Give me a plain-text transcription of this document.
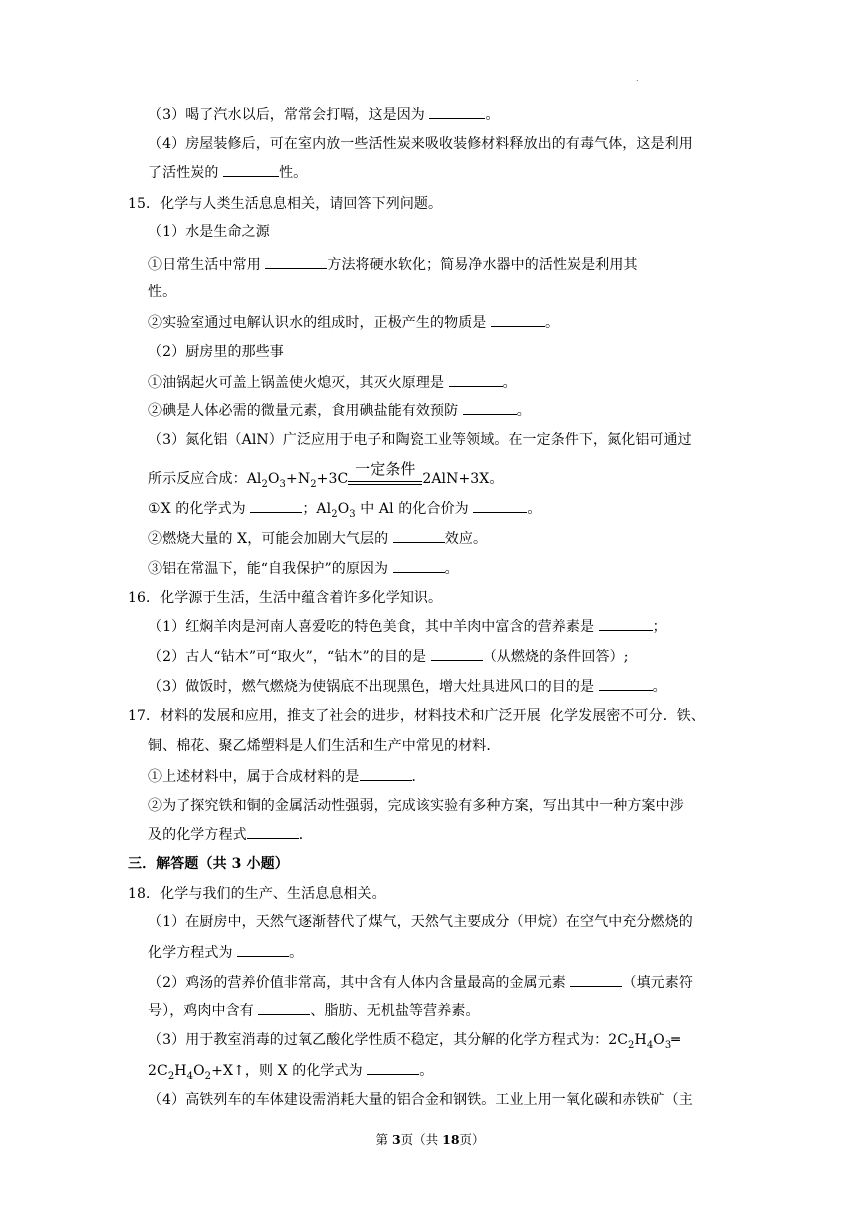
.
（3）喝了汽水以后，常常会打嗝，这是因为	。
（4）房屋装修后，可在室内放一些活性炭来吸收装修材料释放出的有毒气体，这是利用
了活性炭的	性。
15．化学与人类生活息息相关，请回答下列问题。
（1）水是生命之源
①日常生活中常用	方法将硬水软化；简易净水器中的活性炭是利用其
性。
②实验室通过电解认识水的组成时，正极产生的物质是	。
（2）厨房里的那些事
①油锅起火可盖上锅盖使火熄灭，其灭火原理是	。
②碘是人体必需的微量元素，食用碘盐能有效预防	。
（3）氮化铝（AlN）广泛应用于电子和陶瓷工业等领域。在一定条件下，氮化铝可通过
所示反应合成：$Al_2O_3+N_2+3C$一定条件2AlN+3X。
①X 的化学式为	；$Al_2O_3$ 中 Al 的化合价为	。
②燃烧大量的 X，可能会加剧大气层的	效应。
③铝在常温下，能“自我保护”的原因为	。
16．化学源于生活，生活中蕴含着许多化学知识。
（1）红焖羊肉是河南人喜爱吃的特色美食，其中羊肉中富含的营养素是	；
（2）古人“钻木”可“取火”，“钻木”的目的是	（从燃烧的条件回答）;
（3）做饭时，燃气燃烧为使锅底不出现黑色，增大灶具进风口的目的是	。
17．材料的发展和应用，推支了社会的进步，材料技术和广泛开展  化学发展密不可分．铁、
铜、棉花、聚乙烯塑料是人们生活和生产中常见的材料．
①上述材料中，属于合成材料的是	．
②为了探究铁和铜的金属活动性强弱，完成该实验有多种方案，写出其中一种方案中涉
及的化学方程式	．
三．解答题（共 3 小题）
18．化学与我们的生产、生活息息相关。
（1）在厨房中，天然气逐渐替代了煤气，天然气主要成分（甲烷）在空气中充分燃烧的
化学方程式为	。
（2）鸡汤的营养价值非常高，其中含有人体内含量最高的金属元素	（填元素符
号），鸡肉中含有	、脂肪、无机盐等营养素。
（3）用于教室消毒的过氧乙酸化学性质不稳定，其分解的化学方程式为：$2C_2H_4O_3═$
$2C_2H_4O_2+X↑$，则 X 的化学式为	。
（4）高铁列车的车体建设需消耗大量的铝合金和钢铁。工业上用一氧化碳和赤铁矿（主
第 3页（共 18页）
